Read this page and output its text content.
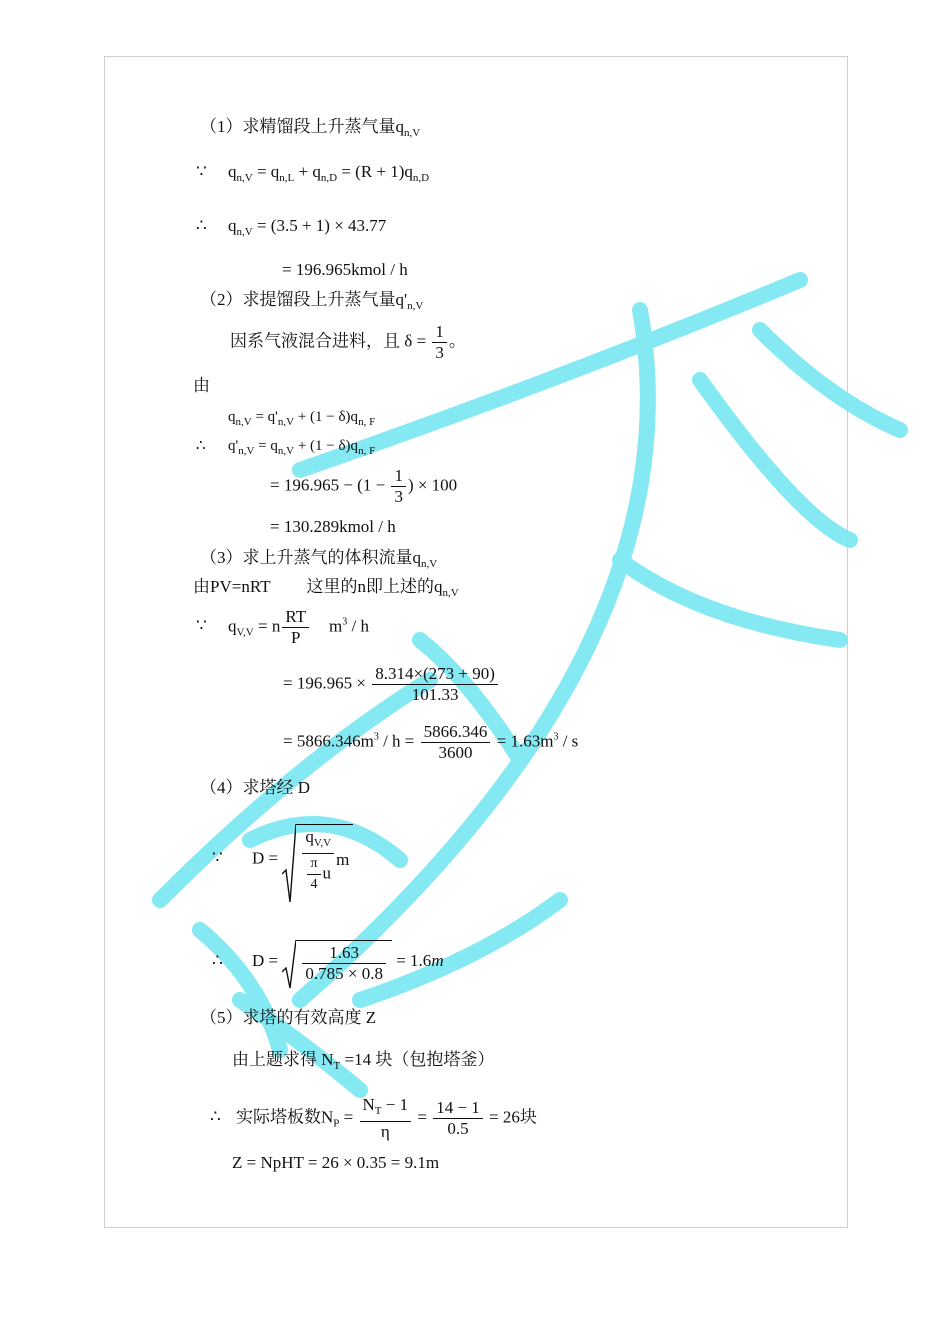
（1）求精馏段上升蒸气量$q_{n,V}$
∵ $q_{n,V} = q_{n,L} + q_{n,D} = (R + 1)q_{n,D}$
∴ $q_{n,V} = (3.5 + 1) \times 43.77$
= 196.965kmol / h
（2）求提馏段上升蒸气量$q'_{n,V}$
因系气液混合进料，且 $\delta = \frac{1}{3}$ 。
由
$q_{n,V} = q'_{n,V} + (1 - \delta)q_{n, F}$
∴ $q'_{n,V} = q_{n,V} + (1 - \delta)q_{n, F}$
= $196.965 - (1 - \frac{1}{3}$ ) × 100
= 130.289kmol / h
（3）求上升蒸气的体积流量$q_{n,V}$
由PV=nRT 这里的n即上述的$q_{n,V}$
∵ $q_{V,V} = n \frac{RT}{P} m^3 / h$
= $196.965 \times \frac{8.314\times(273 + 90)}{101.33}$
= $5866.346m^3 / h = \frac{5866.346}{3600} = 1.63m^3 / s$
（4）求塔经 D
∵ $D = \frac{q_{V,V}}{\frac{\pi}{4} u}$ m
∴ $D = \frac{1.63}{0.785 \times 0.8} = 1.6m$
（5）求塔的有效高度 Z
由上题求得 $N_T =14$ 块（包抱塔釜）
∴ 实际塔板数$N_P = \frac{N_T - 1}{\eta} = \frac{14 - 1}{0.5} = 26$块
Z = NpHT = 26 × 0.35 = 9.1m
